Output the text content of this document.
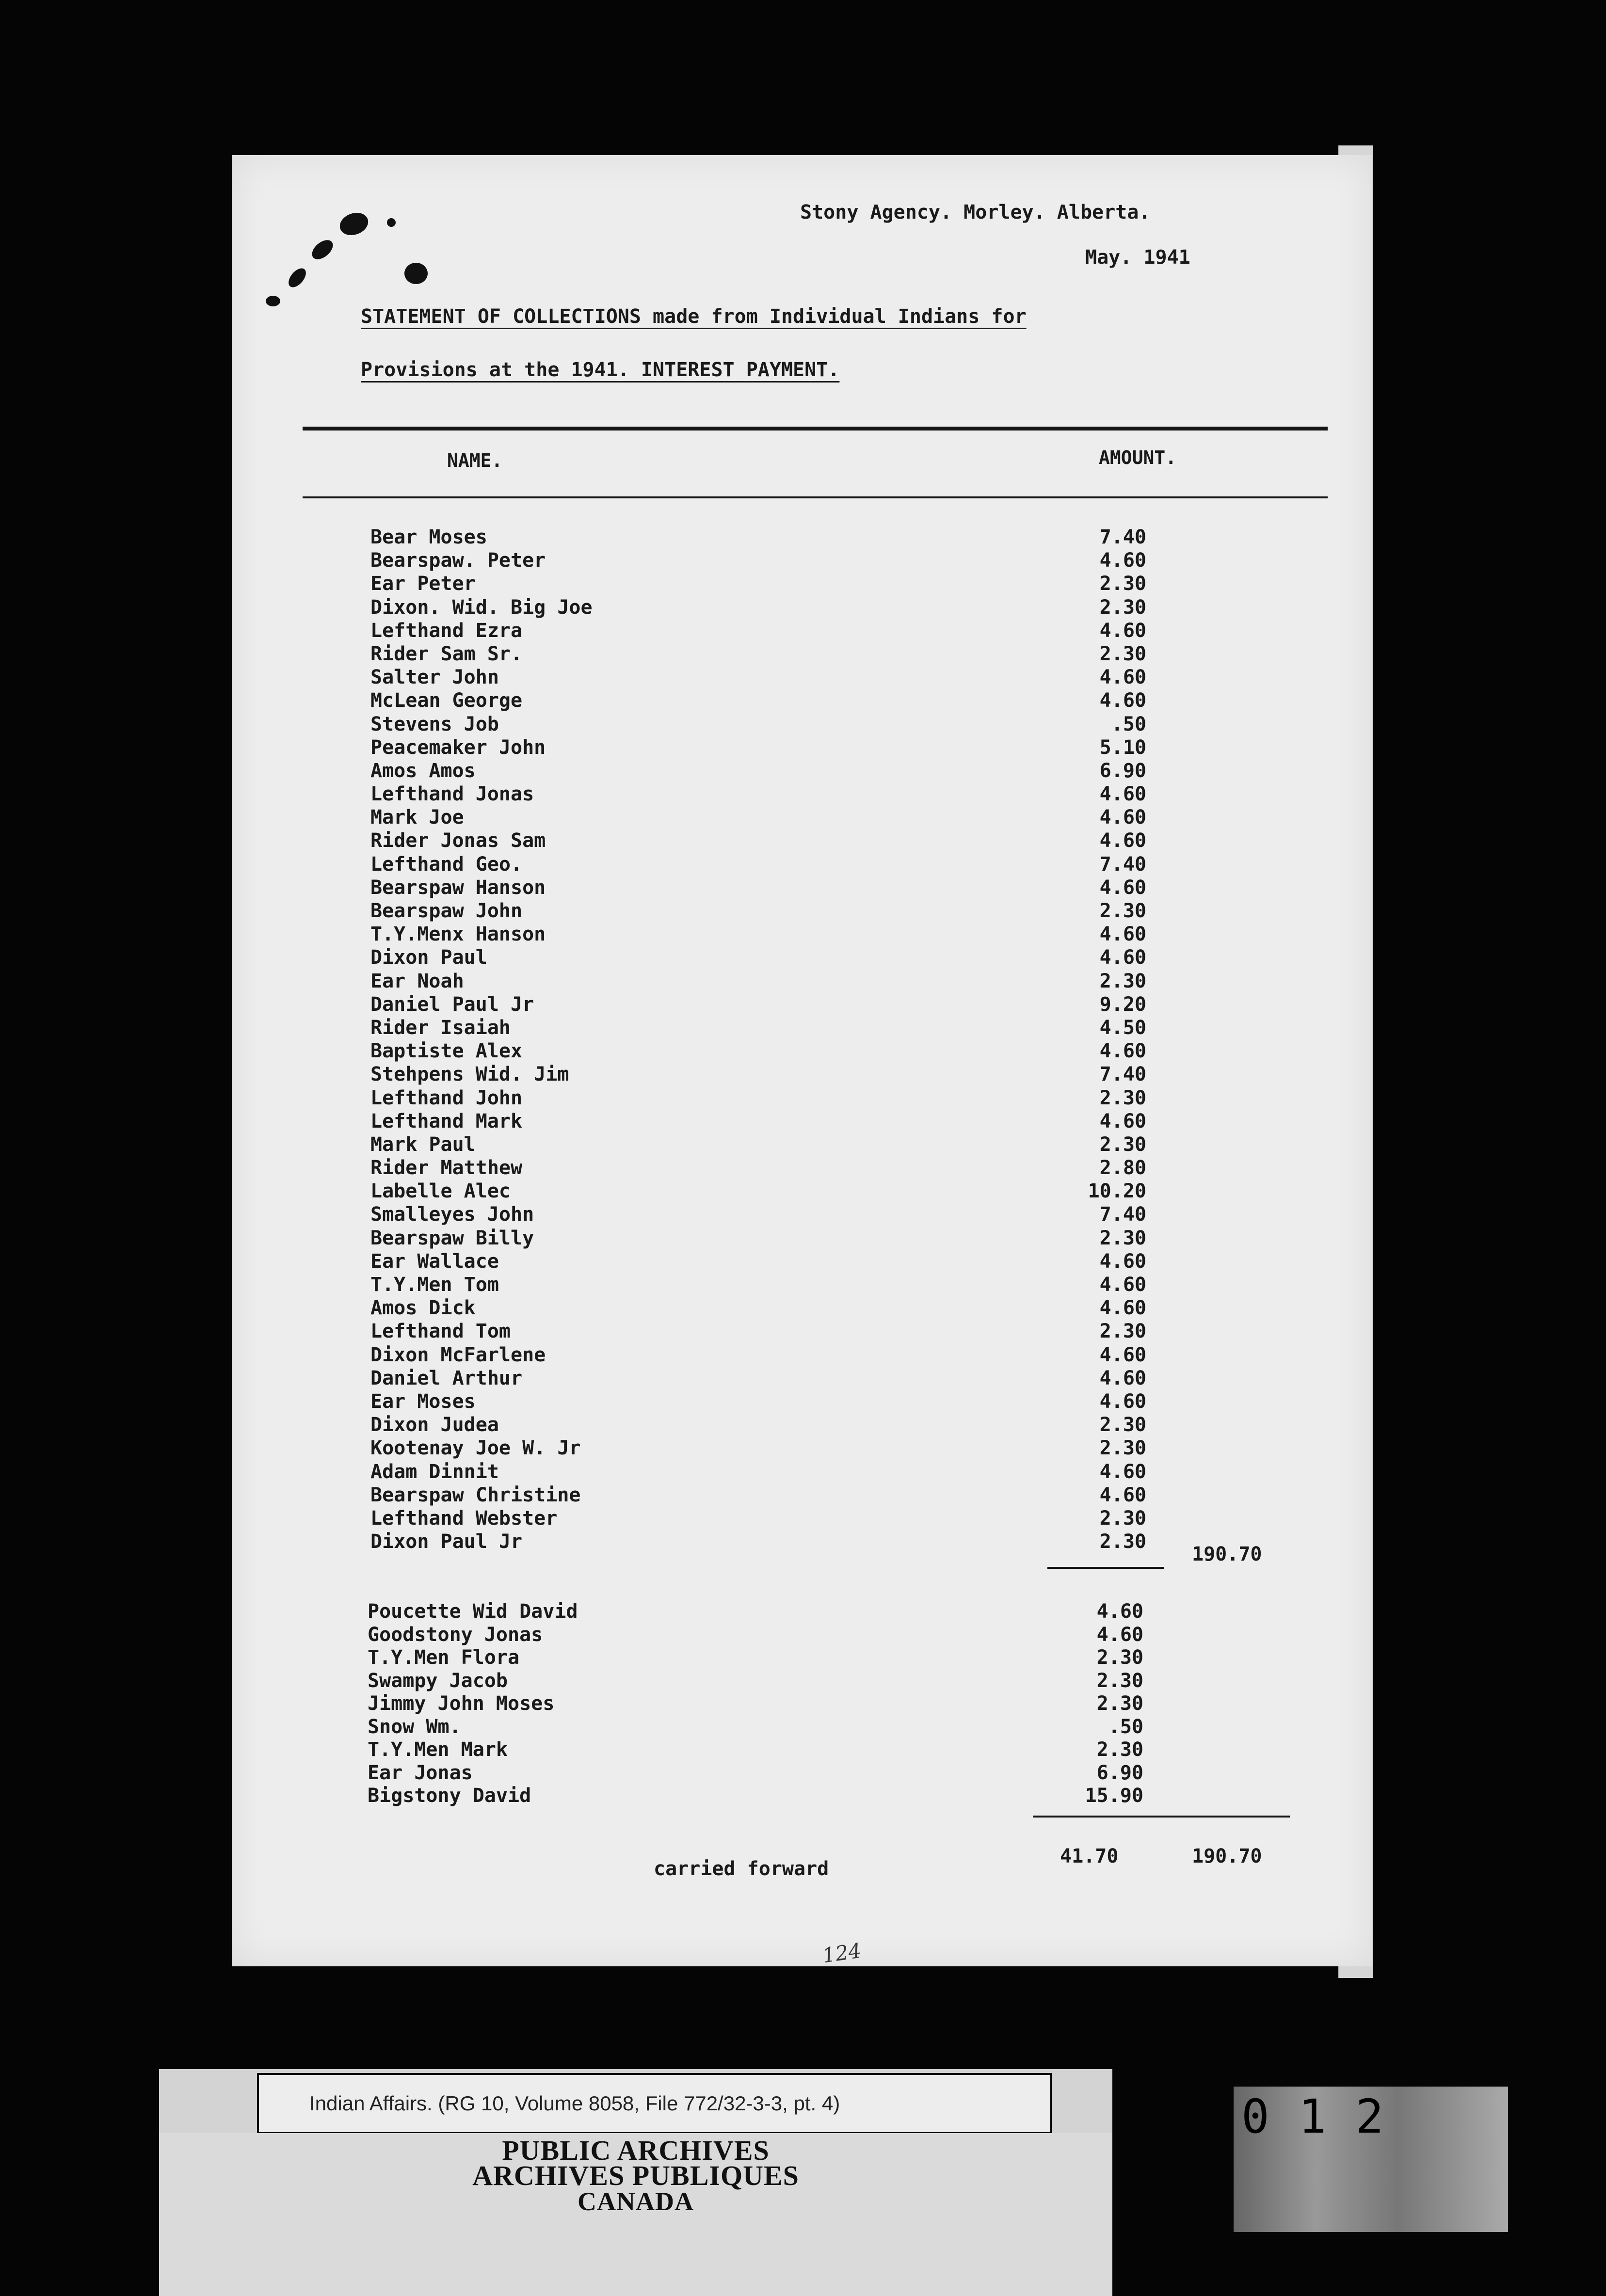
Stony Agency. Morley. Alberta.
May. 1941
STATEMENT OF COLLECTIONS made from Individual Indians for
Provisions at the 1941. INTEREST PAYMENT.
NAME.	AMOUNT.
Bear Moses	7.40
Bearspaw. Peter	4.60
Ear Peter	2.30
Dixon. Wid. Big Joe	2.30
Lefthand Ezra	4.60
Rider Sam Sr.	2.30
Salter John	4.60
McLean George	4.60
Stevens Job	.50
Peacemaker John	5.10
Amos Amos	6.90
Lefthand Jonas	4.60
Mark Joe	4.60
Rider Jonas Sam	4.60
Lefthand Geo.	7.40
Bearspaw Hanson	4.60
Bearspaw John	2.30
T.Y.Menx Hanson	4.60
Dixon Paul	4.60
Ear Noah	2.30
Daniel Paul Jr	9.20
Rider Isaiah	4.50
Baptiste Alex	4.60
Stehpens Wid. Jim	7.40
Lefthand John	2.30
Lefthand Mark	4.60
Mark Paul	2.30
Rider Matthew	2.80
Labelle Alec	10.20
Smalleyes John	7.40
Bearspaw Billy	2.30
Ear Wallace	4.60
T.Y.Men Tom	4.60
Amos Dick	4.60
Lefthand Tom	2.30
Dixon McFarlene	4.60
Daniel Arthur	4.60
Ear Moses	4.60
Dixon Judea	2.30
Kootenay Joe W. Jr	2.30
Adam Dinnit	4.60
Bearspaw Christine	4.60
Lefthand Webster	2.30
Dixon Paul Jr	2.30
190.70
Poucette Wid David	4.60
Goodstony Jonas	4.60
T.Y.Men Flora	2.30
Swampy Jacob	2.30
Jimmy John Moses	2.30
Snow Wm.	.50
T.Y.Men Mark	2.30
Ear Jonas	6.90
Bigstony David	15.90
carried forward
41.70	190.70
124
Indian Affairs. (RG 10, Volume 8058, File 772/32-3-3, pt. 4)
PUBLIC ARCHIVES
ARCHIVES PUBLIQUES
CANADA
012
